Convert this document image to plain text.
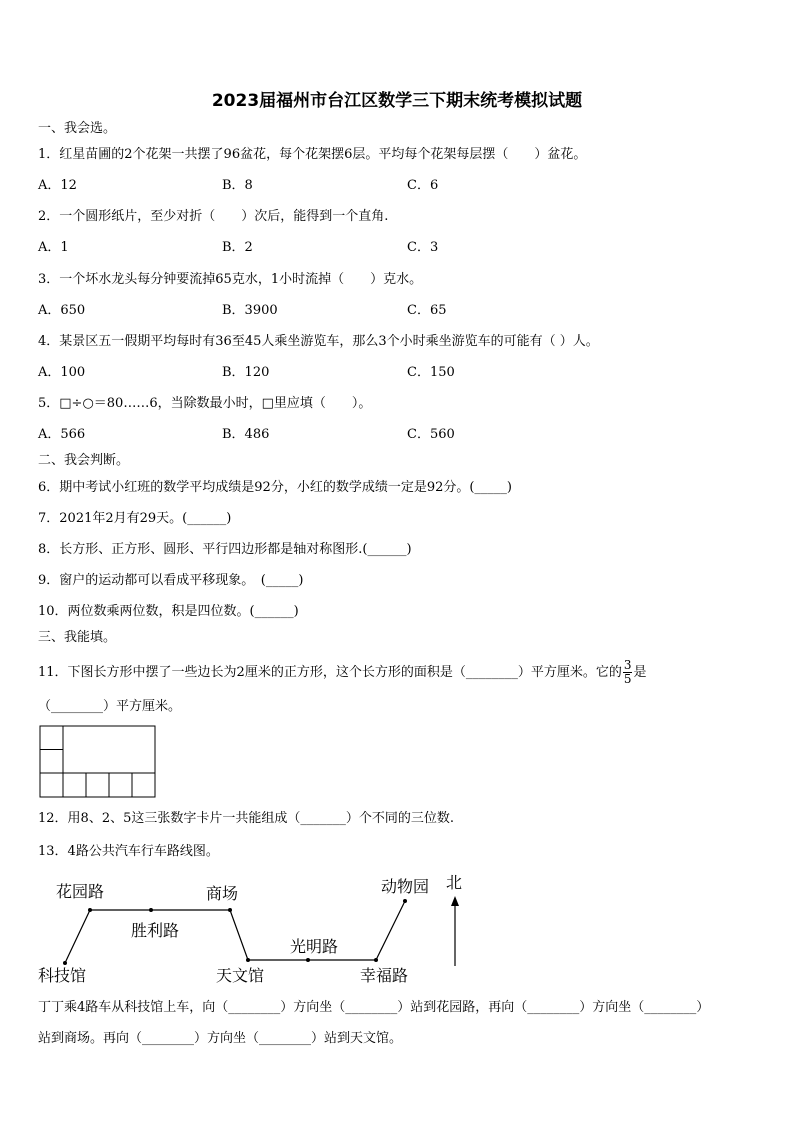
2023届福州市台江区数学三下期末统考模拟试题
一、我会选。
1．红星苗圃的2个花架一共摆了96盆花，每个花架摆6层。平均每个花架每层摆（　　）盆花。
A．12	B．8	C．6
2．一个圆形纸片，至少对折（　　）次后，能得到一个直角.
A．1	B．2	C．3
3．一个坏水龙头每分钟要流掉65克水，1小时流掉（　　）克水。
A．650	B．3900	C．65
4．某景区五一假期平均每时有36至45人乘坐游览车，那么3个小时乘坐游览车的可能有（ ）人。
A．100	B．120	C．150
5．□÷○＝80……6，当除数最小时，□里应填（　　）。
A．566	B．486	C．560
二、我会判断。
6．期中考试小红班的数学平均成绩是92分，小红的数学成绩一定是92分。(_____)
7．2021年2月有29天。(______)
8．长方形、正方形、圆形、平行四边形都是轴对称图形.(______)
9．窗户的运动都可以看成平移现象。　(_____)
10．两位数乘两位数，积是四位数。(______)
三、我能填。
11．下图长方形中摆了一些边长为2厘米的正方形，这个长方形的面积是（________）平方厘米。它的 $\frac{3}{5}$ 是
（________）平方厘米。
12．用8、2、5这三张数字卡片一共能组成（_______）个不同的三位数.
13．4路公共汽车行车路线图。
花园路	商场
胜利路
科技馆	天文馆
光明路
幸福路
动物园 北
丁丁乘4路车从科技馆上车，向（________）方向坐（________）站到花园路，再向（________）方向坐（________）
站到商场。再向（________）方向坐（________）站到天文馆。
